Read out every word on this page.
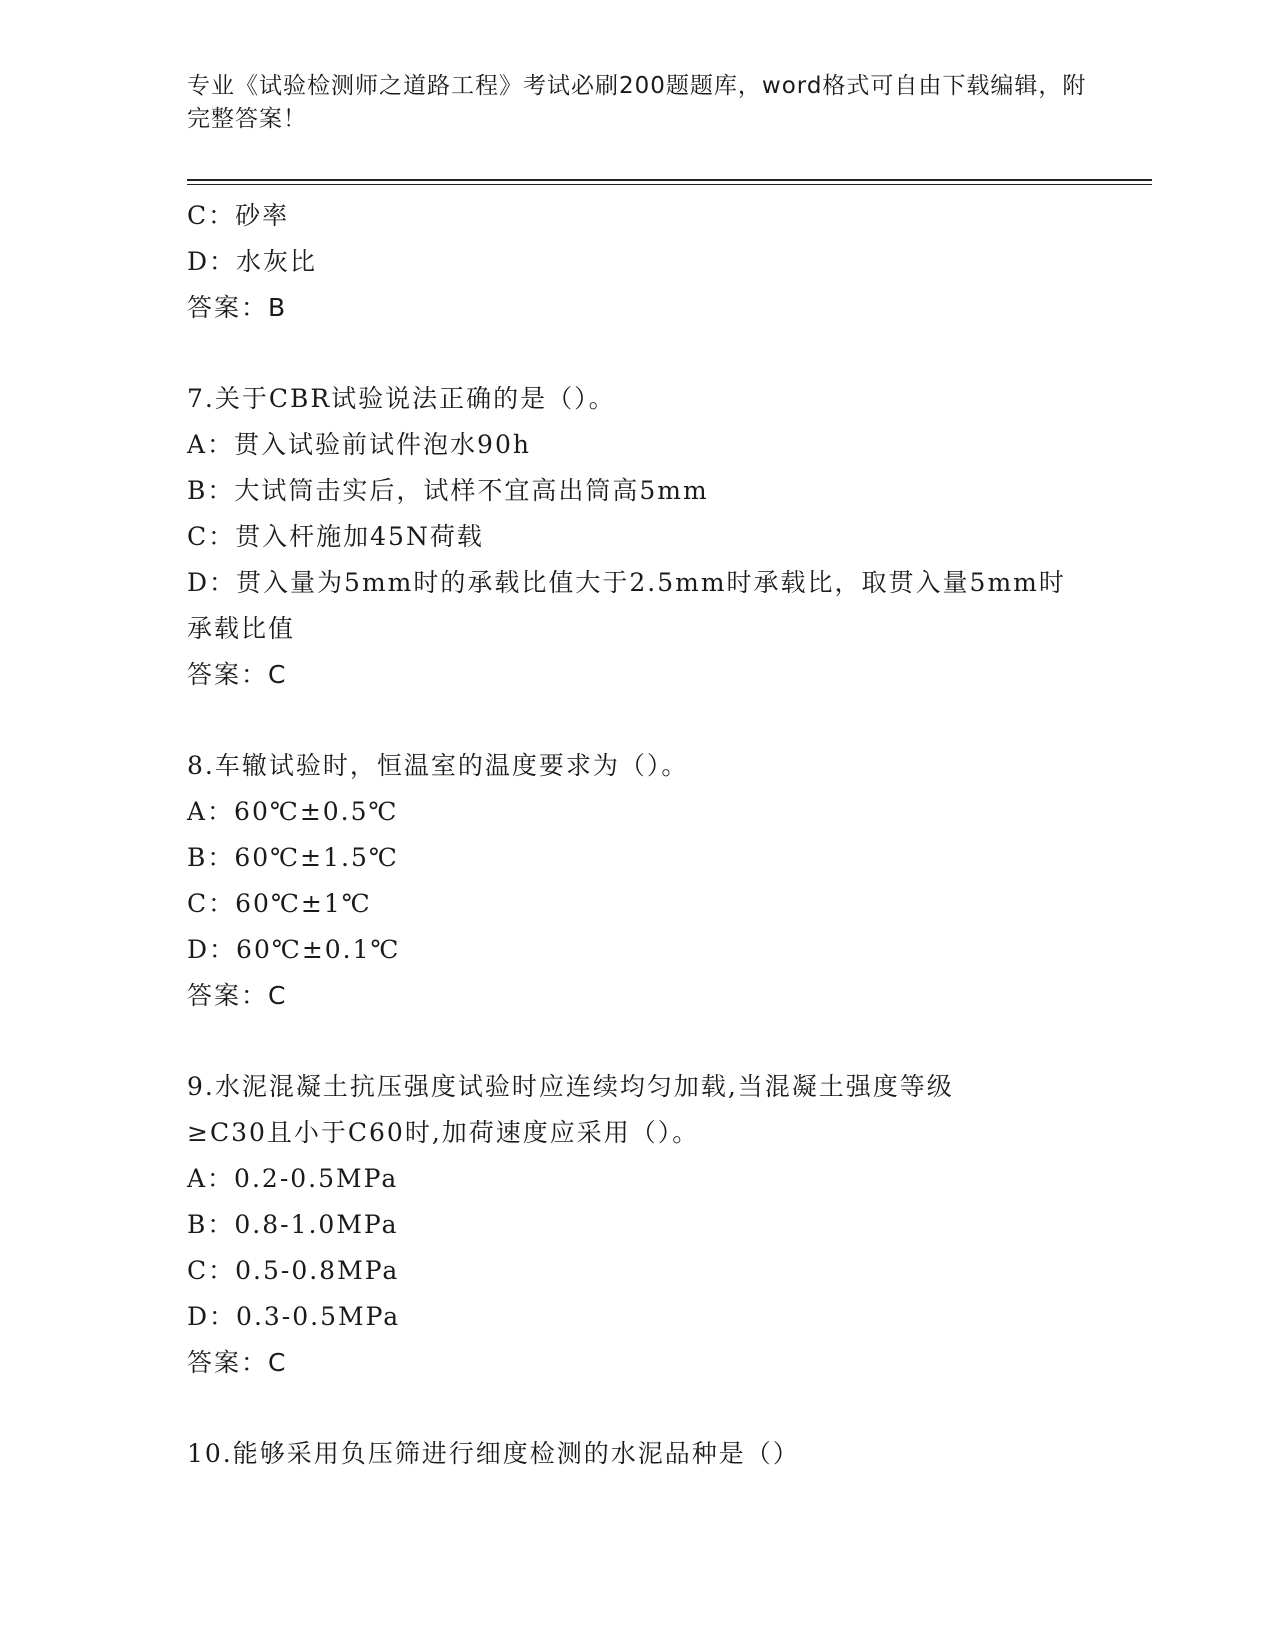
专业《试验检测师之道路工程》考试必刷200题题库，word格式可自由下载编辑，附完整答案！
C：砂率
D：水灰比
答案：B
7.关于CBR试验说法正确的是（）。
A：贯入试验前试件泡水90h
B：大试筒击实后，试样不宜高出筒高5mm
C：贯入杆施加45N荷载
D：贯入量为5mm时的承载比值大于2.5mm时承载比，取贯入量5mm时承载比值
答案：C
8.车辙试验时，恒温室的温度要求为（）。
A：60℃±0.5℃
B：60℃±1.5℃
C：60℃±1℃
D：60℃±0.1℃
答案：C
9.水泥混凝土抗压强度试验时应连续均匀加载,当混凝土强度等级≥C30且小于C60时,加荷速度应采用（）。
A：0.2-0.5MPa
B：0.8-1.0MPa
C：0.5-0.8MPa
D：0.3-0.5MPa
答案：C
10.能够采用负压筛进行细度检测的水泥品种是（）
